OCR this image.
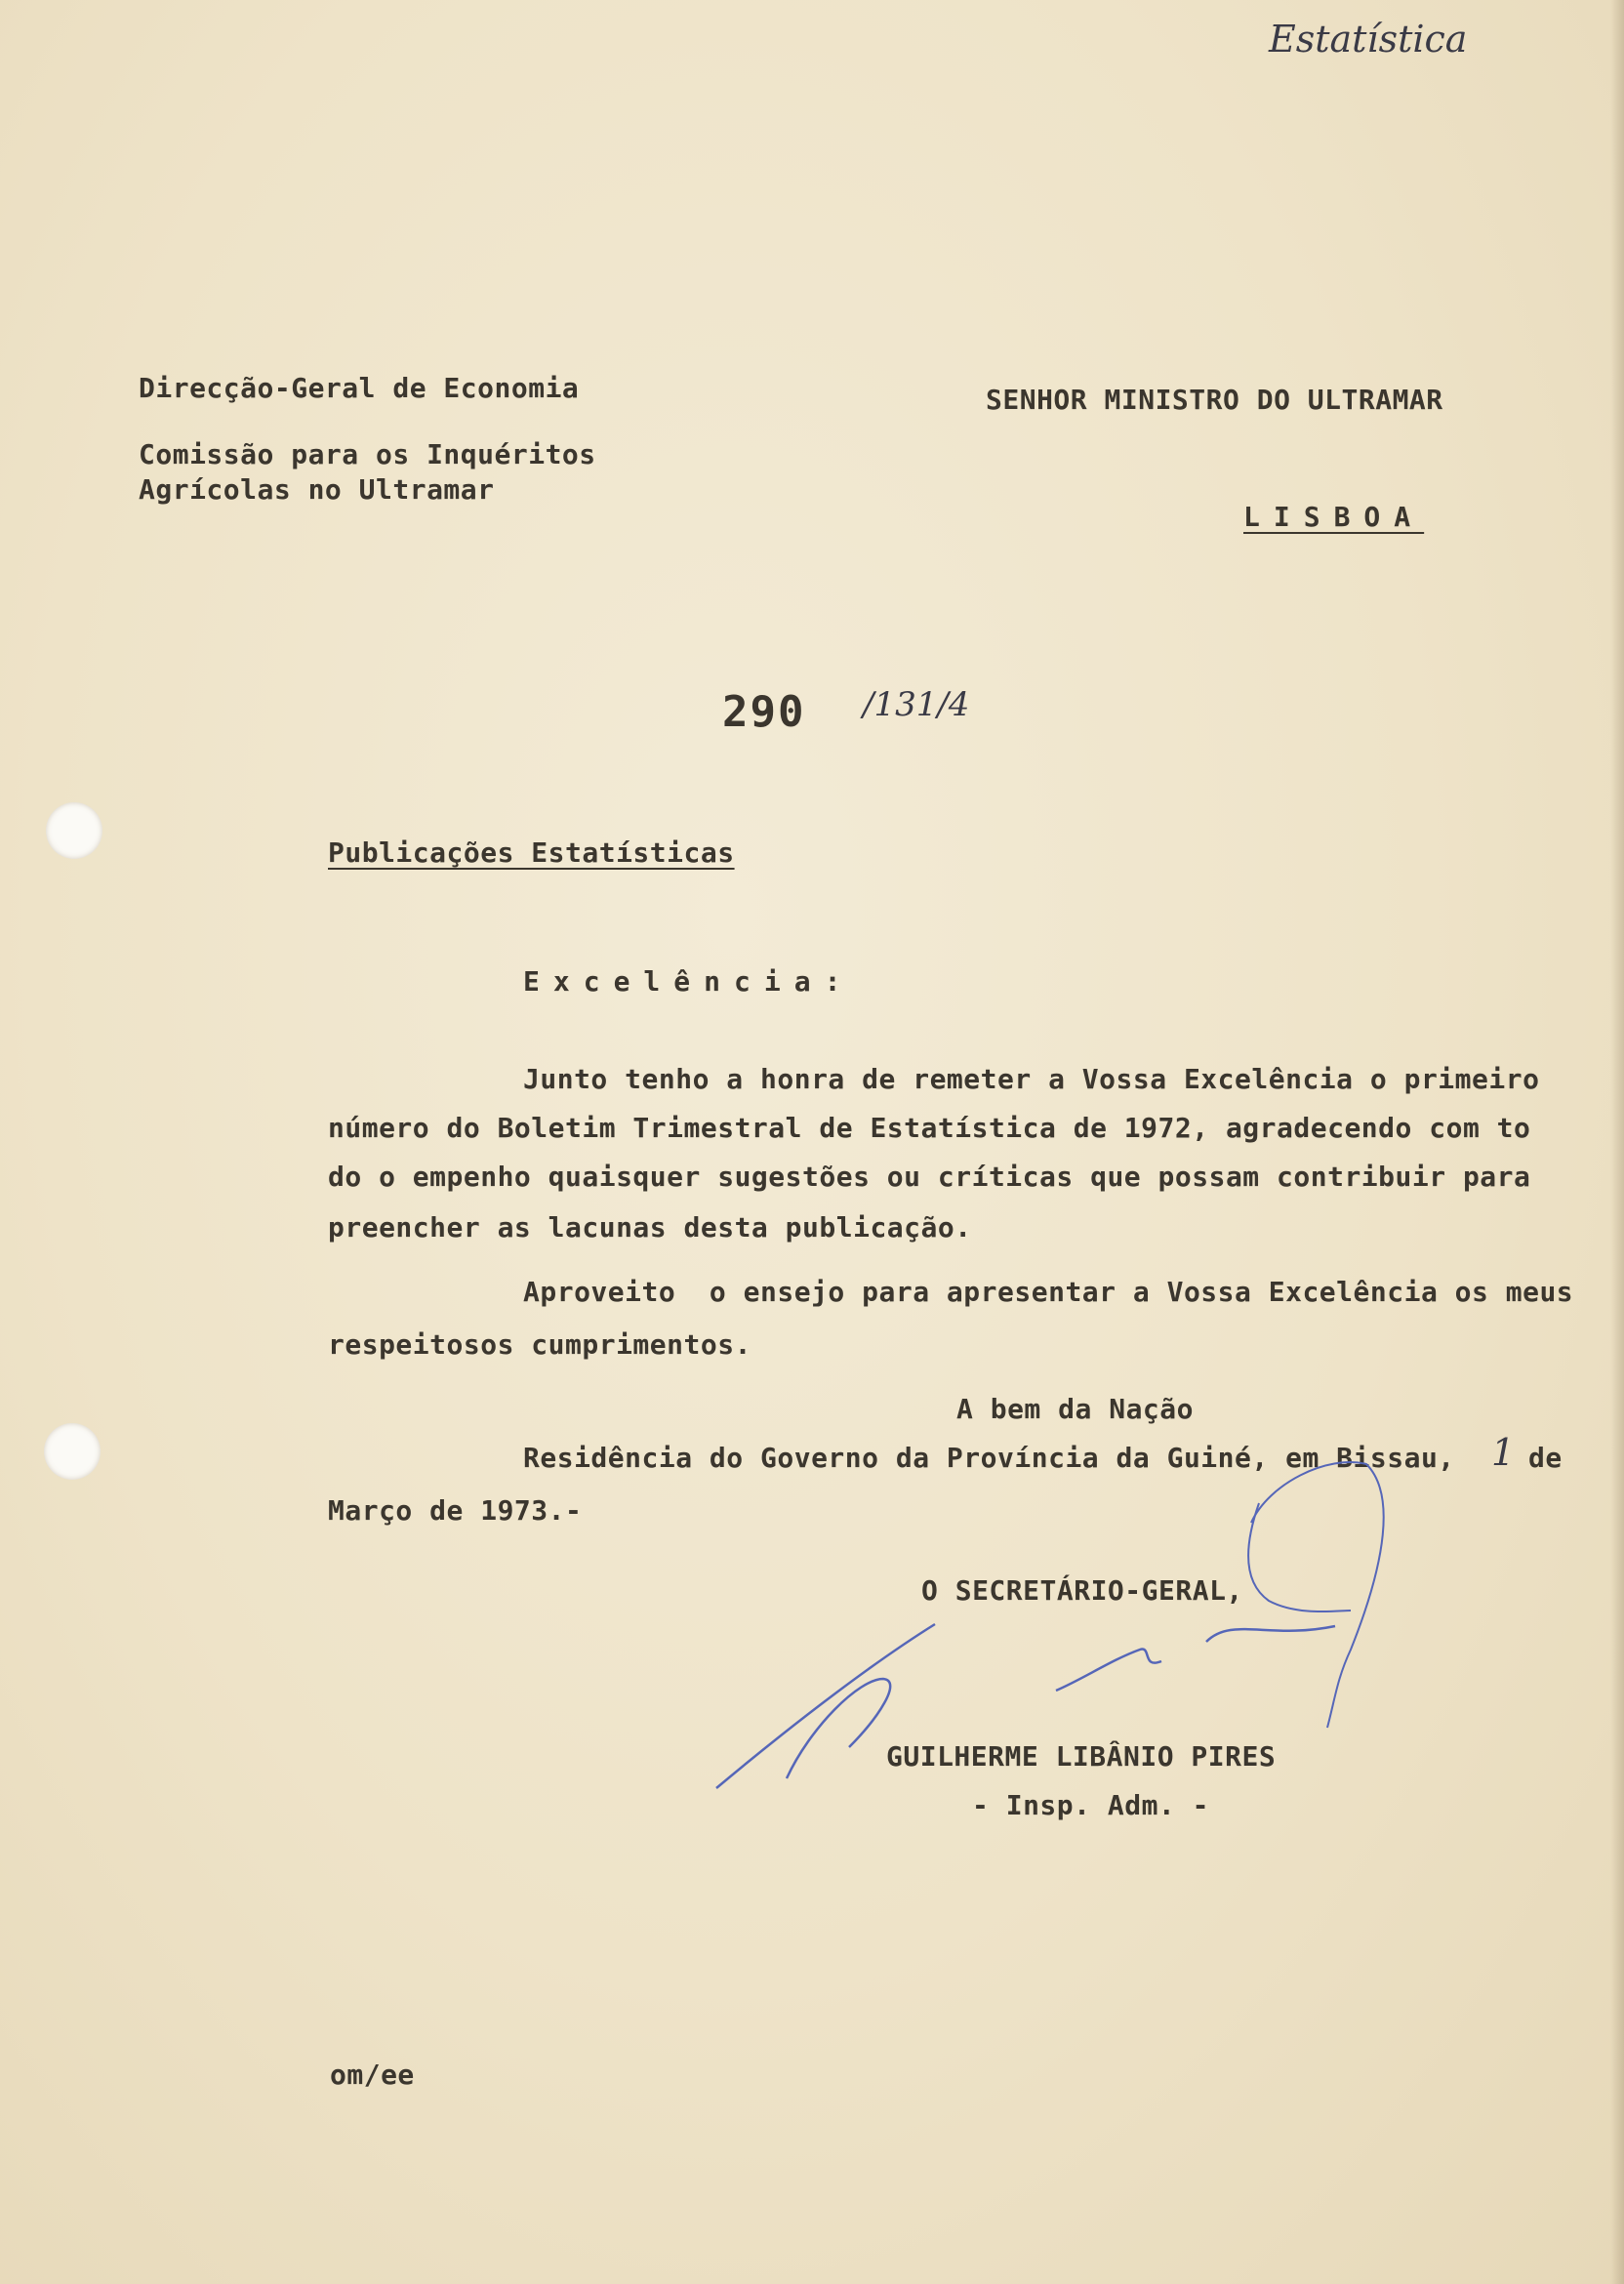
Estatística

Direcção-Geral de Economia

Comissão para os Inquéritos

Agrícolas no Ultramar

SENHOR MINISTRO DO ULTRAMAR

LISBOA

290 /131/4

Publicações Estatísticas

Excelência:

Junto tenho a honra de remeter a Vossa Excelência o primeiro

número do Boletim Trimestral de Estatística de 1972, agradecendo com to

do o empenho quaisquer sugestões ou críticas que possam contribuir para

preencher as lacunas desta publicação.

Aproveito  o ensejo para apresentar a Vossa Excelência os meus

respeitosos cumprimentos.

A bem da Nação

Residência do Governo da Província da Guiné, em Bissau, 1 de

Março de 1973.-

O SECRETÁRIO-GERAL,

GUILHERME LIBÂNIO PIRES

- Insp. Adm. -

om/ee
